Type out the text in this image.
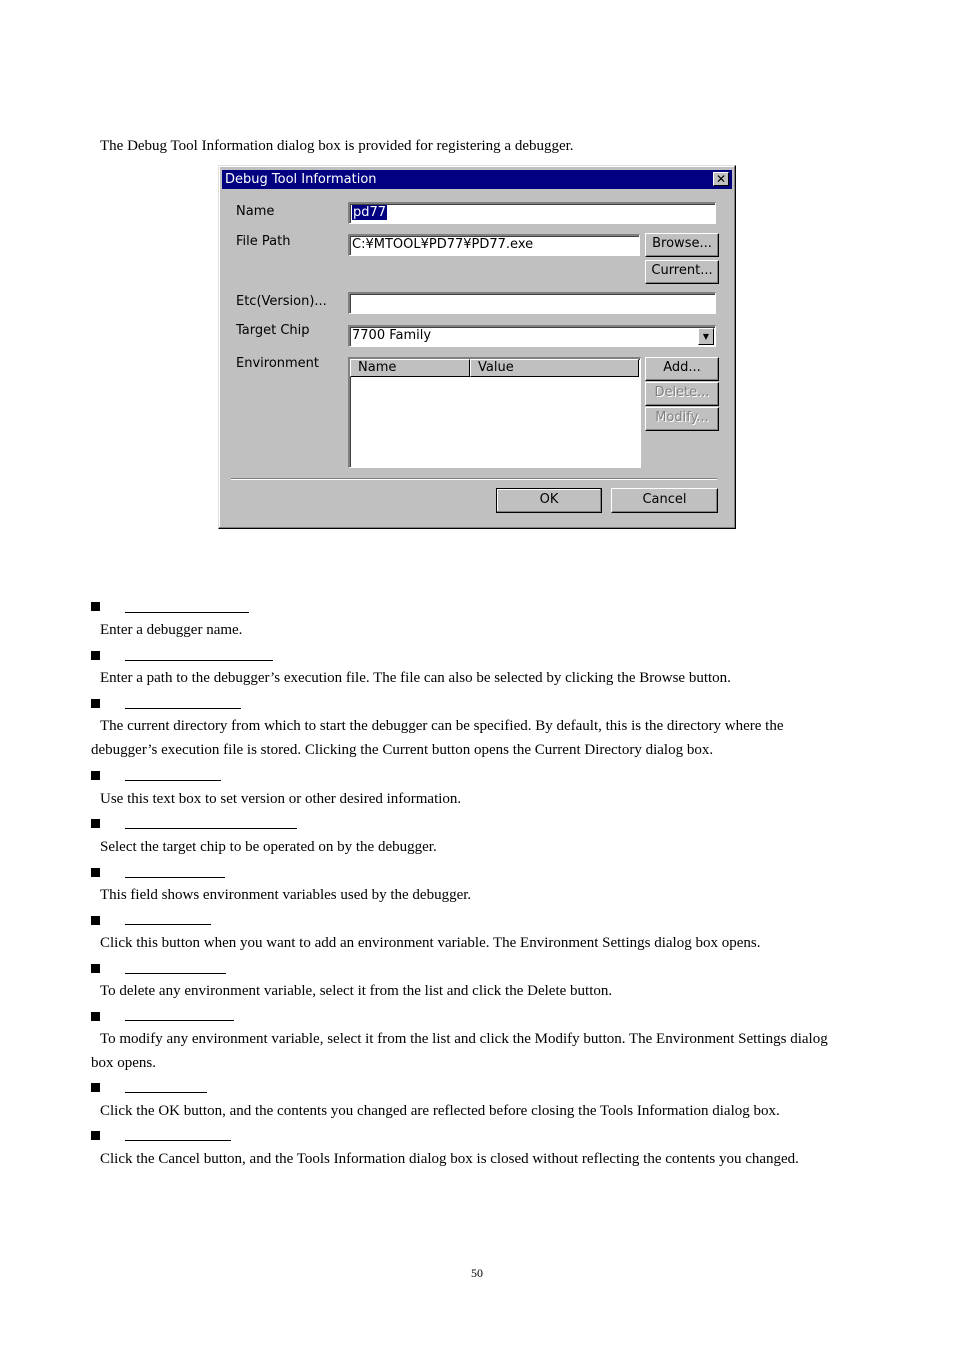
The Debug Tool Information dialog box is provided for registering a debugger.
Debug Tool Information	✕
Name	pd77
File Path	C:¥MTOOL¥PD77¥PD77.exe	Browse...
Current...
Etc(Version)...
Target Chip	7700 Family	▼
Environment	Name	Value	Add...
Delete...
Modify...
OK	Cancel
Enter a debugger name.
Enter a path to the debugger’s execution file. The file can also be selected by clicking the Browse button.
The current directory from which to start the debugger can be specified. By default, this is the directory where the debugger’s execution file is stored. Clicking the Current button opens the Current Directory dialog box.
Use this text box to set version or other desired information.
Select the target chip to be operated on by the debugger.
This field shows environment variables used by the debugger.
Click this button when you want to add an environment variable. The Environment Settings dialog box opens.
To delete any environment variable, select it from the list and click the Delete button.
To modify any environment variable, select it from the list and click the Modify button. The Environment Settings dialog box opens.
Click the OK button, and the contents you changed are reflected before closing the Tools Information dialog box.
Click the Cancel button, and the Tools Information dialog box is closed without reflecting the contents you changed.
50
